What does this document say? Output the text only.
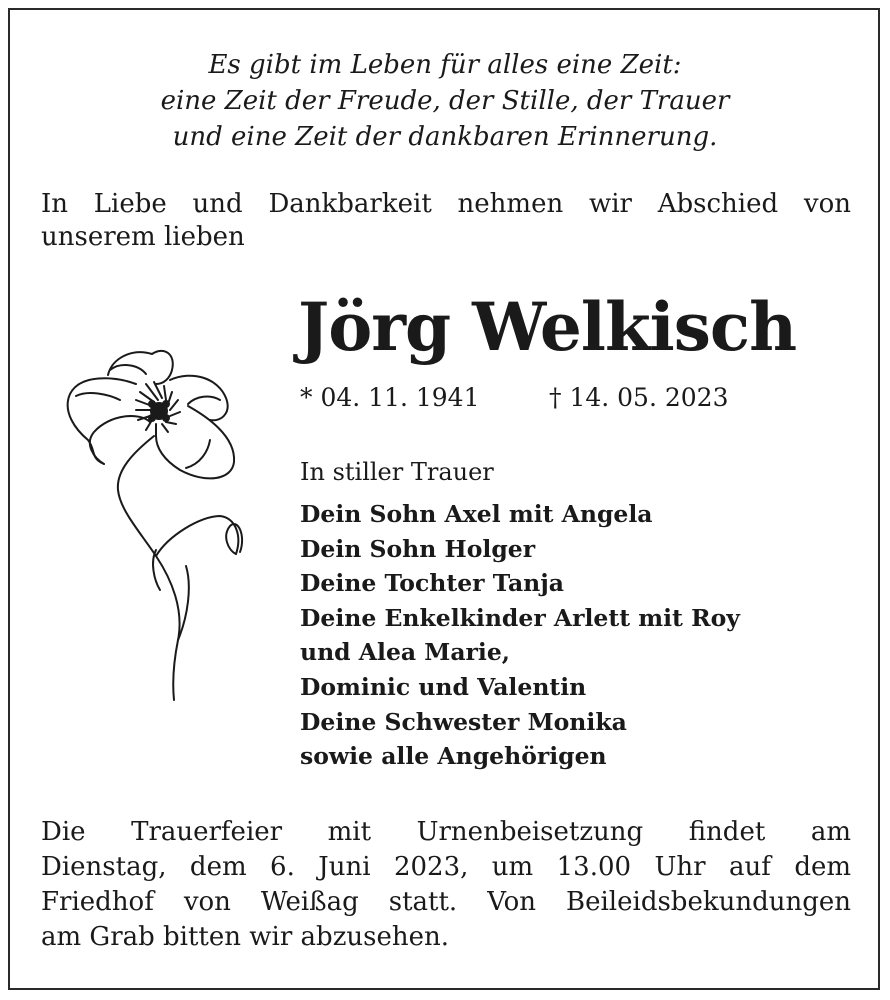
Es gibt im Leben für alles eine Zeit:
eine Zeit der Freude, der Stille, der Trauer
und eine Zeit der dankbaren Erinnerung.
In Liebe und Dankbarkeit nehmen wir Abschied von unserem lieben
Jörg Welkisch
* 04. 11. 1941	† 14. 05. 2023
In stiller Trauer
Dein Sohn Axel mit Angela
Dein Sohn Holger
Deine Tochter Tanja
Deine Enkelkinder Arlett mit Roy
und Alea Marie,
Dominic und Valentin
Deine Schwester Monika
sowie alle Angehörigen
Die Trauerfeier mit Urnenbeisetzung findet am
Dienstag, dem 6. Juni 2023, um 13.00 Uhr auf dem
Friedhof von Weißag statt. Von Beileidsbekundungen
am Grab bitten wir abzusehen.
